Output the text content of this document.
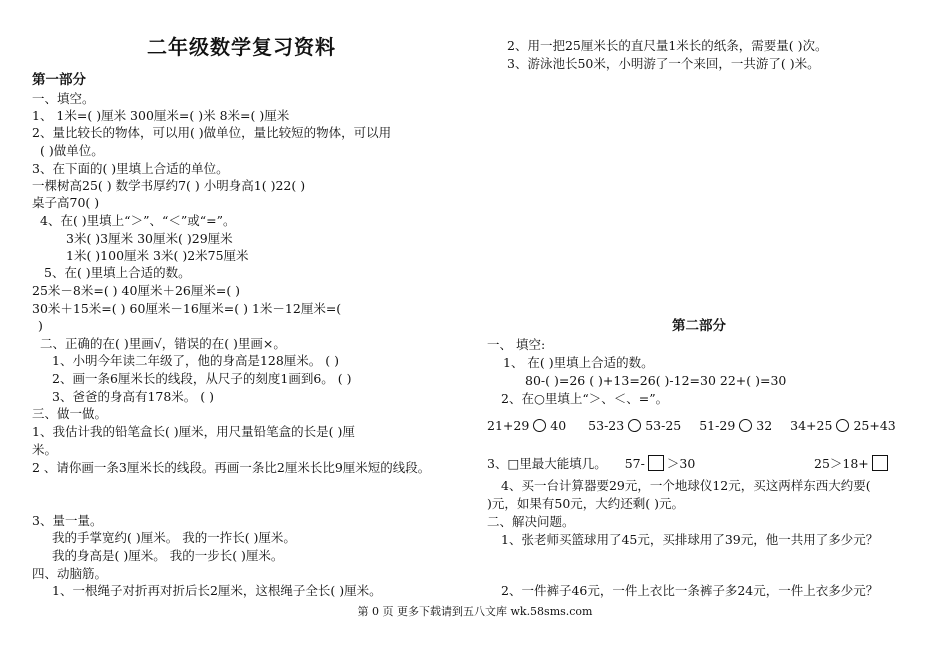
二年级数学复习资料
第一部分
一、填空。
1、 1米=( )厘米 300厘米=( )米 8米=( )厘米
2、量比较长的物体，可以用( )做单位，量比较短的物体，可以用
( )做单位。
3、在下面的( )里填上合适的单位。
一棵树高25( ) 数学书厚约7( ) 小明身高1( )22( )
桌子高70( )
4、在( )里填上“＞”、“＜”或“=”。
3米( )3厘米 30厘米( )29厘米
1米( )100厘米 3米( )2米75厘米
5、在( )里填上合适的数。
25米－8米=( ) 40厘米＋26厘米=( )
30米＋15米=( ) 60厘米－16厘米=( ) 1米－12厘米=(
)
二、正确的在( )里画√，错误的在( )里画×。
1、小明今年读二年级了，他的身高是128厘米。 ( )
2、画一条6厘米长的线段，从尺子的刻度1画到6。 ( )
3、爸爸的身高有178米。 ( )
三、做一做。
1、我估计我的铅笔盒长( )厘米，用尺量铅笔盒的长是( )厘
米。
2 、请你画一条3厘米长的线段。再画一条比2厘米长比9厘米短的线段。
3、量一量。
我的手掌宽约( )厘米。 我的一拃长( )厘米。
我的身高是( )厘米。 我的一步长( )厘米。
四、动脑筋。
1、一根绳子对折再对折后长2厘米，这根绳子全长( )厘米。
2、用一把25厘米长的直尺量1米长的纸条，需要量( )次。
3、游泳池长50米，小明游了一个来回，一共游了( )米。
第二部分
一、 填空:
1、 在( )里填上合适的数。
80-( )=26 ( )+13=26( )-12=30 22+( )=30
2、在○里填上“＞、＜、=”。
21+29 40 53-23 53-25 51-29 32 34+25 25+43
3、□里最大能填几。 57- ＞30	25＞18+
4、买一台计算器要29元，一个地球仪12元，买这两样东西大约要(
)元，如果有50元，大约还剩( )元。
二、解决问题。
1、张老师买篮球用了45元，买排球用了39元，他一共用了多少元？
2、一件裤子46元，一件上衣比一条裤子多24元，一件上衣多少元？
第 0 页 更多下载请到五八文库 wk.58sms.com
